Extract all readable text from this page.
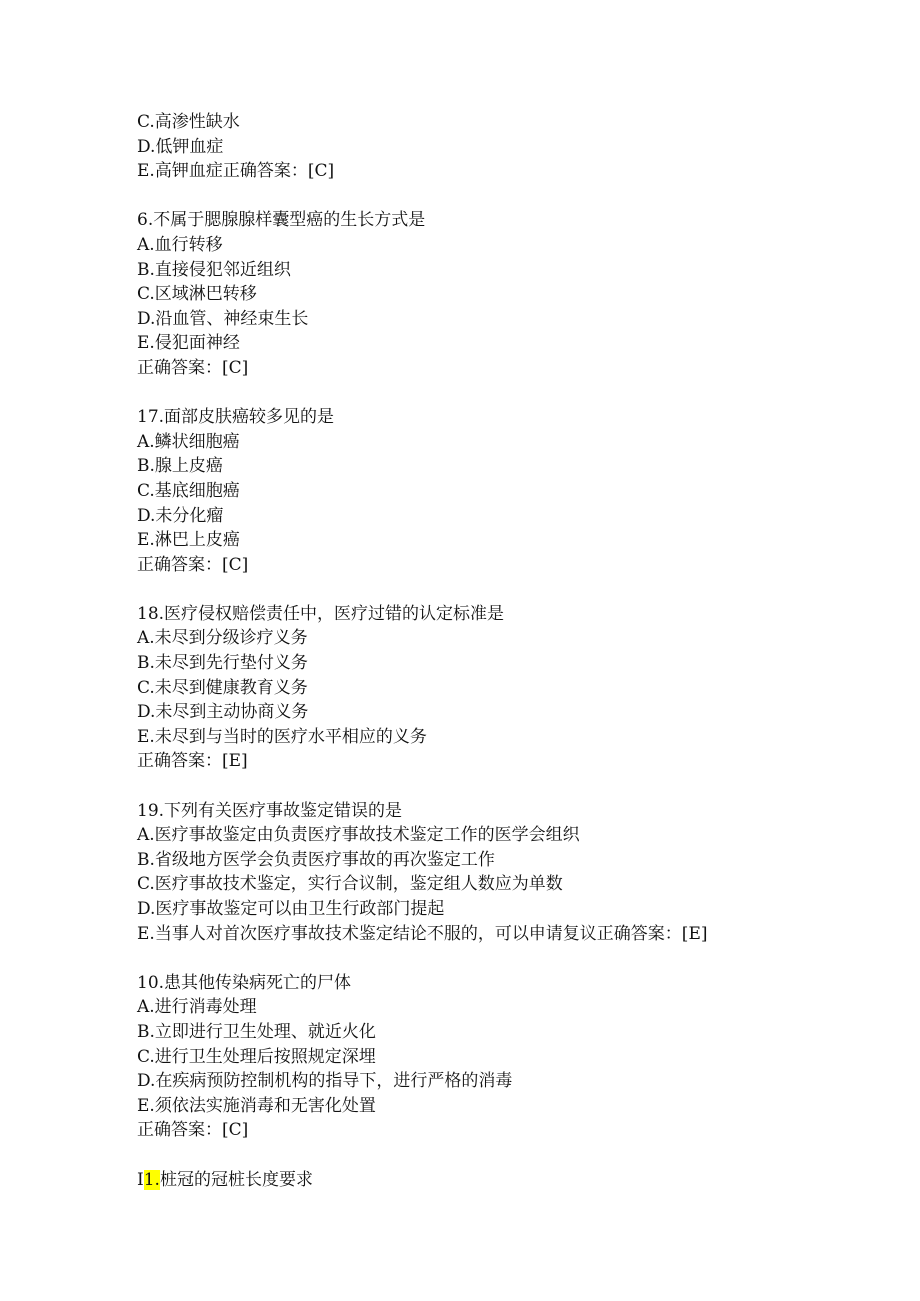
C.高渗性缺水
D.低钾血症
E.高钾血症正确答案：[C]
6.不属于腮腺腺样囊型癌的生长方式是
A.血行转移
B.直接侵犯邻近组织
C.区域淋巴转移
D.沿血管、神经束生长
E.侵犯面神经
正确答案：[C]
17.面部皮肤癌较多见的是
A.鳞状细胞癌
B.腺上皮癌
C.基底细胞癌
D.未分化瘤
E.淋巴上皮癌
正确答案：[C]
18.医疗侵权赔偿责任中，医疗过错的认定标准是
A.未尽到分级诊疗义务
B.未尽到先行垫付义务
C.未尽到健康教育义务
D.未尽到主动协商义务
E.未尽到与当时的医疗水平相应的义务
正确答案：[E]
19.下列有关医疗事故鉴定错误的是
A.医疗事故鉴定由负责医疗事故技术鉴定工作的医学会组织
B.省级地方医学会负责医疗事故的再次鉴定工作
C.医疗事故技术鉴定，实行合议制，鉴定组人数应为单数
D.医疗事故鉴定可以由卫生行政部门提起
E.当事人对首次医疗事故技术鉴定结论不服的，可以申请复议正确答案：[E]
10.患其他传染病死亡的尸体
A.进行消毒处理
B.立即进行卫生处理、就近火化
C.进行卫生处理后按照规定深埋
D.在疾病预防控制机构的指导下，进行严格的消毒
E.须依法实施消毒和无害化处置
正确答案：[C]
I1.桩冠的冠桩长度要求
